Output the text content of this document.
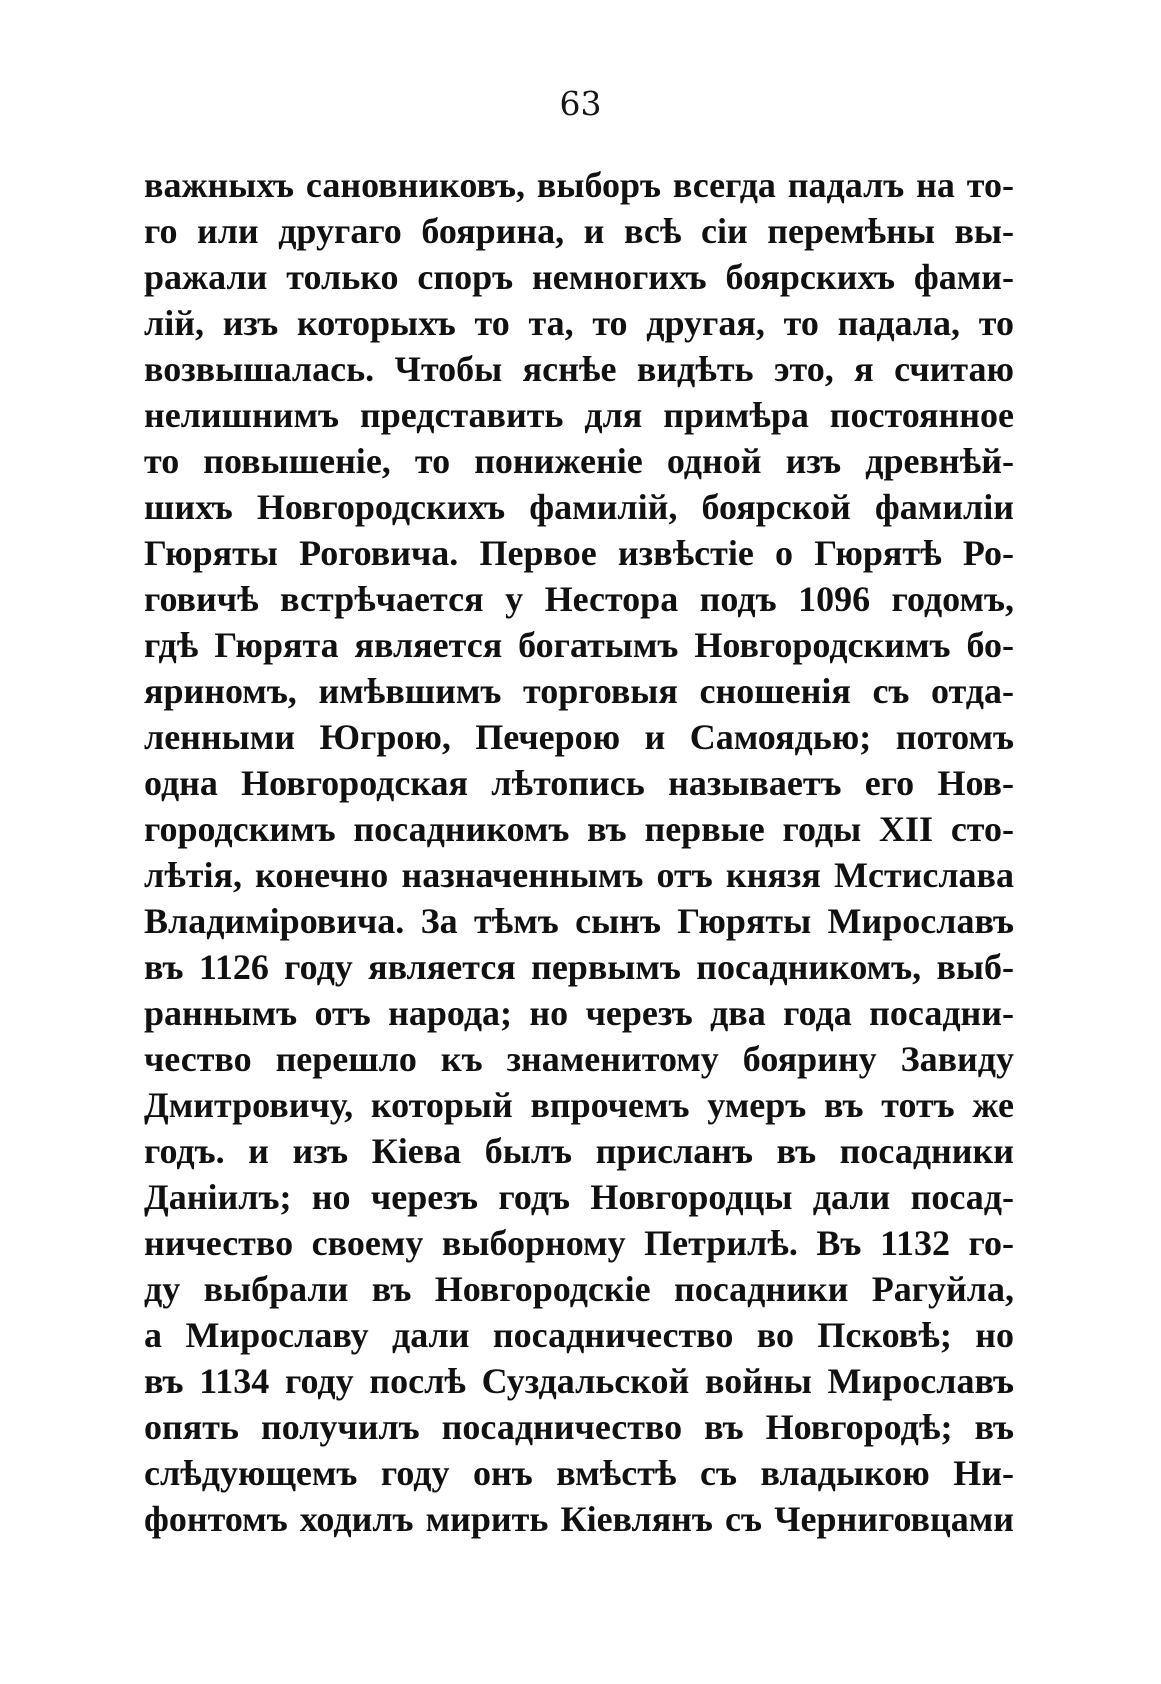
63
важныхъ сановниковъ, выборъ всегда падалъ на то-
го или другаго боярина, и всѣ сіи перемѣны вы-
ражали только споръ немногихъ боярскихъ фами-
лій, изъ которыхъ то та, то другая, то падала, то
возвышалась. Чтобы яснѣе видѣть это, я считаю
нелишнимъ представить для примѣра постоянное
то повышеніе, то пониженіе одной изъ древнѣй-
шихъ Новгородскихъ фамилій, боярской фамиліи
Гюряты Роговича. Первое извѣстіе о Гюрятѣ Ро-
говичѣ встрѣчается у Нестора подъ 1096 годомъ,
гдѣ Гюрята является богатымъ Новгородскимъ бо-
яриномъ, имѣвшимъ торговыя сношенія съ отда-
ленными Югрою, Печерою и Самоядью; потомъ
одна Новгородская лѣтопись называетъ его Нов-
городскимъ посадникомъ въ первые годы XII сто-
лѣтія, конечно назначеннымъ отъ князя Мстислава
Владиміровича. За тѣмъ сынъ Гюряты Мирославъ
въ 1126 году является первымъ посадникомъ, выб-
раннымъ отъ народа; но черезъ два года посадни-
чество перешло къ знаменитому боярину Завиду
Дмитровичу, который впрочемъ умеръ въ тотъ же
годъ. и изъ Кіева былъ присланъ въ посадники
Даніилъ; но черезъ годъ Новгородцы дали посад-
ничество своему выборному Петрилѣ. Въ 1132 го-
ду выбрали въ Новгородскіе посадники Рагуйла,
а Мирославу дали посадничество во Псковѣ; но
въ 1134 году послѣ Суздальской войны Мирославъ
опять получилъ посадничество въ Новгородѣ; въ
слѣдующемъ году онъ вмѣстѣ съ владыкою Ни-
фонтомъ ходилъ мирить Кіевлянъ съ Черниговцами
